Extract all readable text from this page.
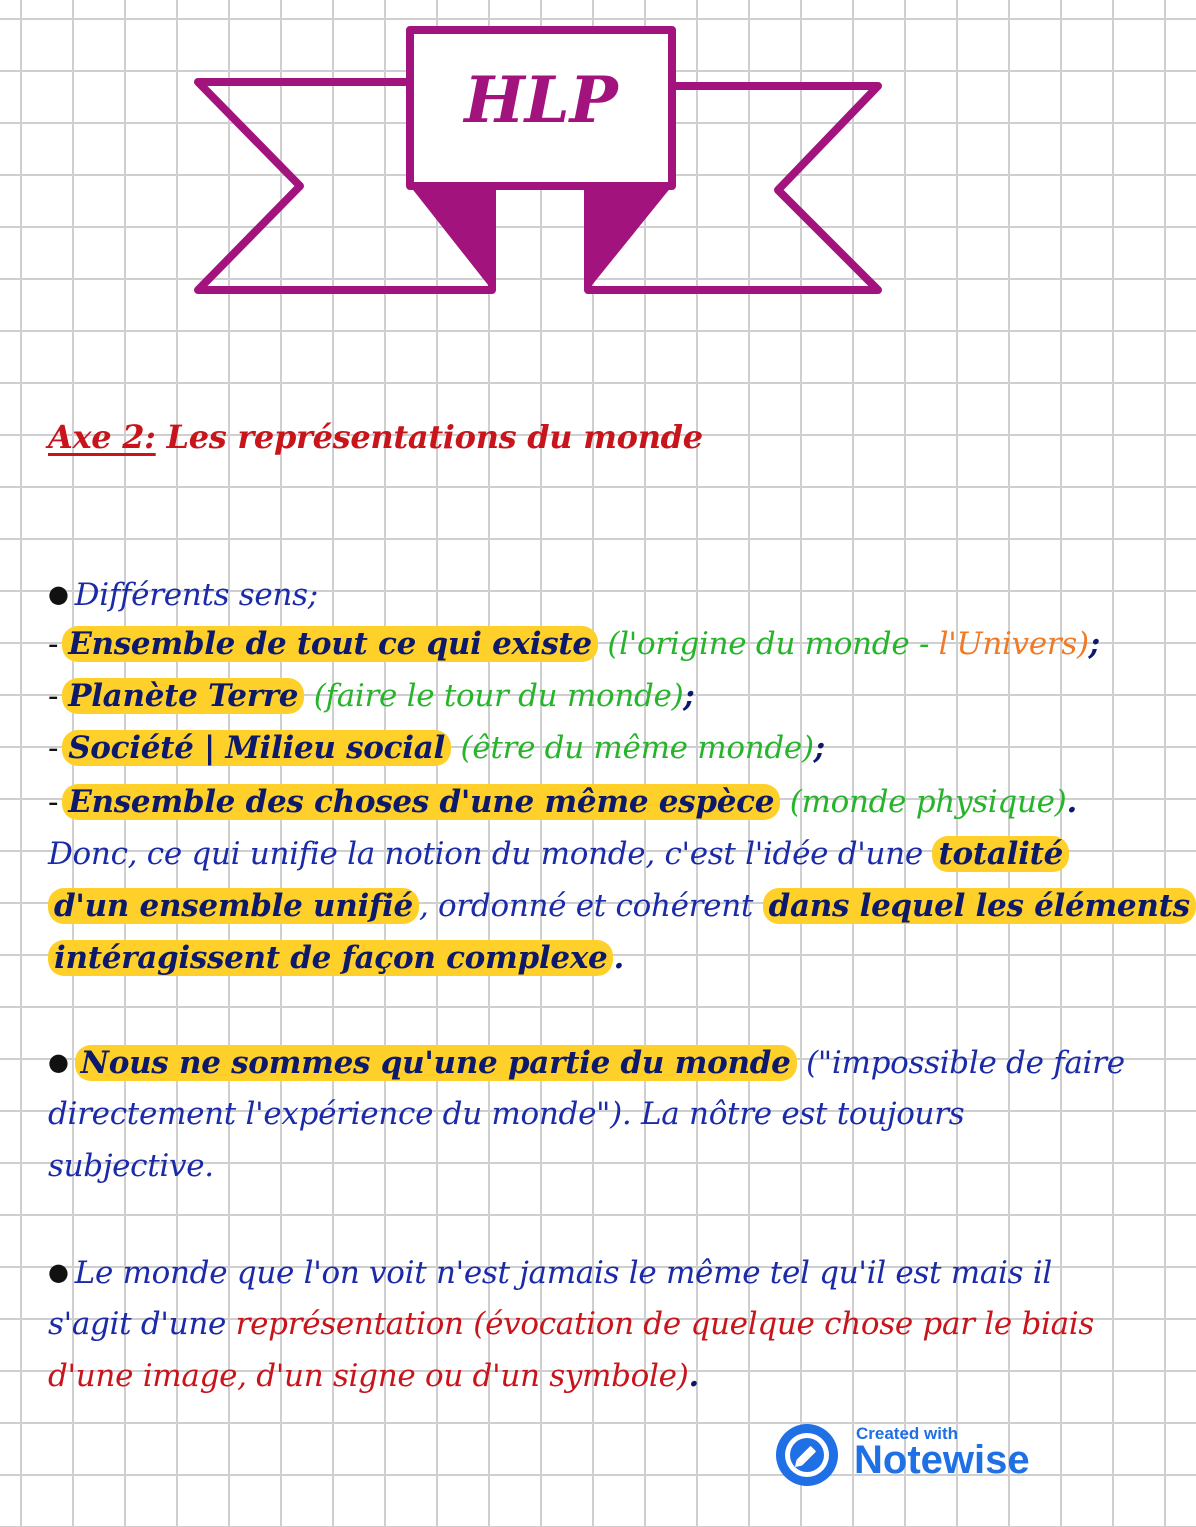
HLP
Axe 2: Les représentations du monde
● Différents sens;
- Ensemble de tout ce qui existe (l'origine du monde - l'Univers);
- Planète Terre (faire le tour du monde);
- Société | Milieu social (être du même monde);
- Ensemble des choses d'une même espèce (monde physique).
Donc, ce qui unifie la notion du monde, c'est l'idée d'une totalité
d'un ensemble unifié , ordonné et cohérent dans lequel les éléments
intéragissent de façon complexe .
● Nous ne sommes qu'une partie du monde ("impossible de faire
directement l'expérience du monde"). La nôtre est toujours
subjective.
● Le monde que l'on voit n'est jamais le même tel qu'il est mais il
s'agit d'une représentation (évocation de quelque chose par le biais
d'une image, d'un signe ou d'un symbole).
Created with
Notewise
